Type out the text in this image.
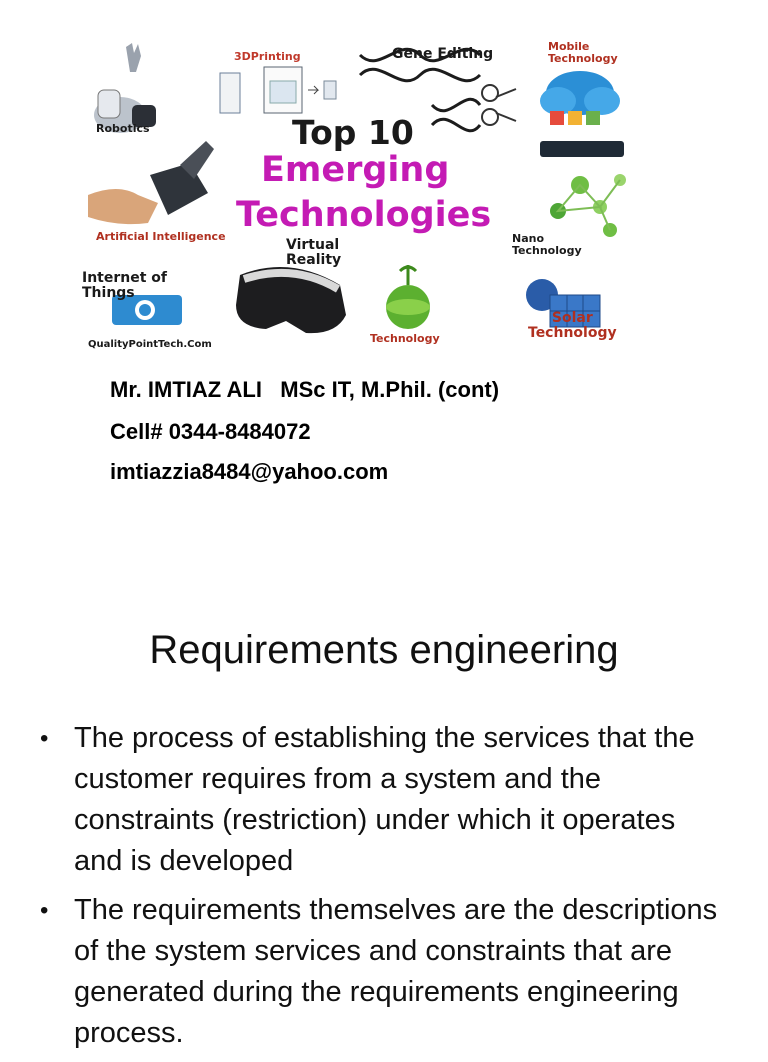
Robotics
3DPrinting	Gene Editing	Mobile
Technology
Top 10
Emerging
Technologies
Artificial Intelligence
Virtual
Reality
Nano
Technology
Internet of
Things
Technology
Solar
Technology
QualityPointTech.Com
Mr. IMTIAZ ALI   MSc IT, M.Phil. (cont)
Cell# 0344-8484072
imtiazzia8484@yahoo.com
Requirements engineering
• The process of establishing the services that the customer requires from a system and the constraints (restriction) under which it operates and is developed
• The requirements themselves are the descriptions of the system services and constraints that are generated during the requirements engineering process.
